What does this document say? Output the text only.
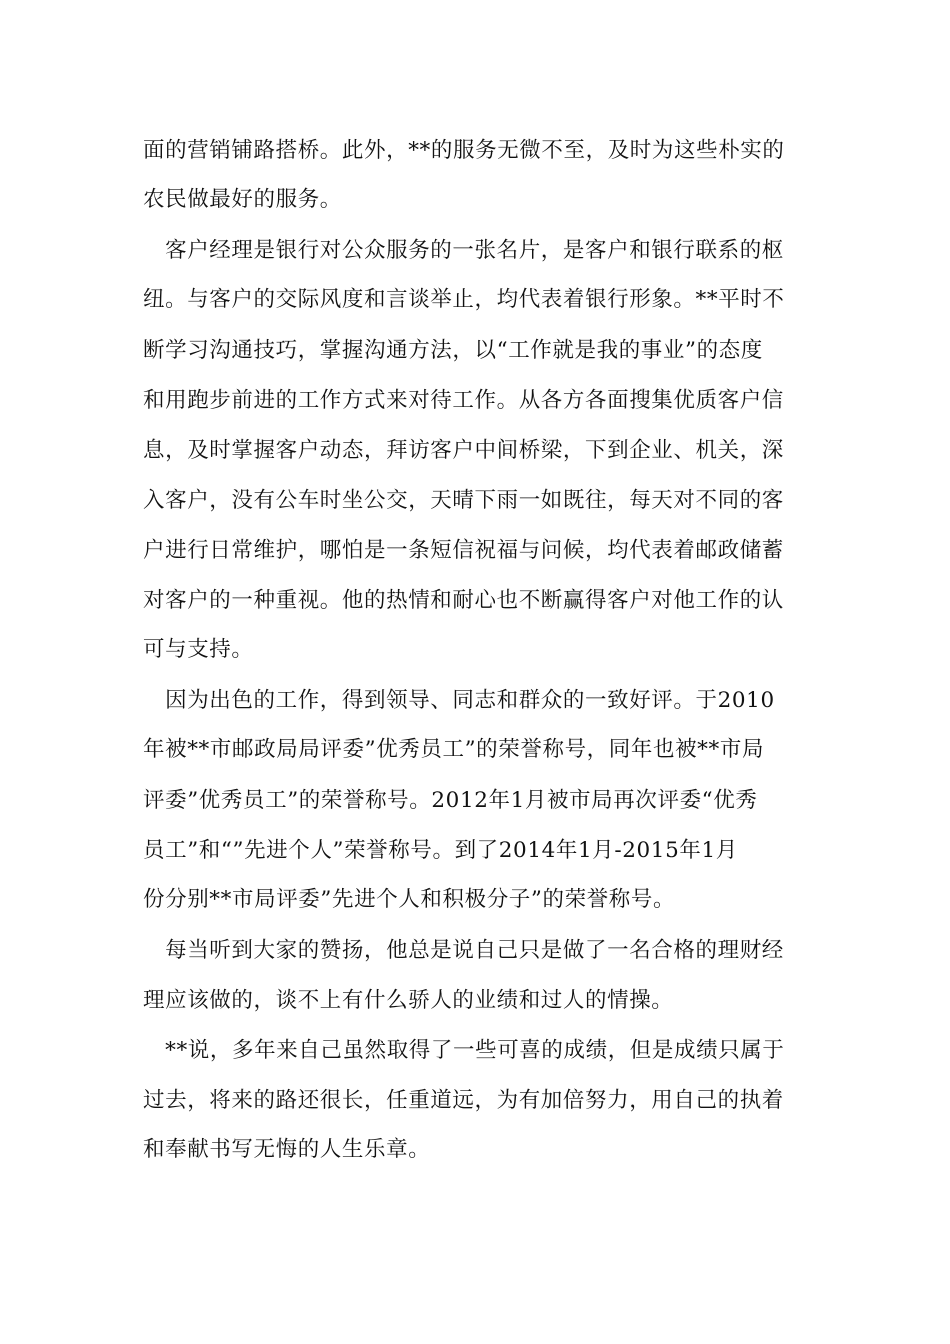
面的营销铺路搭桥。此外，**的服务无微不至，及时为这些朴实的
农民做最好的服务。
　客户经理是银行对公众服务的一张名片，是客户和银行联系的枢
纽。与客户的交际风度和言谈举止，均代表着银行形象。**平时不
断学习沟通技巧，掌握沟通方法，以“工作就是我的事业”的态度
和用跑步前进的工作方式来对待工作。从各方各面搜集优质客户信
息，及时掌握客户动态，拜访客户中间桥梁，下到企业、机关，深
入客户，没有公车时坐公交，天晴下雨一如既往，每天对不同的客
户进行日常维护，哪怕是一条短信祝福与问候，均代表着邮政储蓄
对客户的一种重视。他的热情和耐心也不断赢得客户对他工作的认
可与支持。
　因为出色的工作，得到领导、同志和群众的一致好评。于2010
年被**市邮政局局评委”优秀员工”的荣誉称号，同年也被**市局
评委”优秀员工”的荣誉称号。2012年1月被市局再次评委“优秀
员工”和“”先进个人”荣誉称号。到了2014年1月-2015年1月
份分别**市局评委”先进个人和积极分子”的荣誉称号。
　每当听到大家的赞扬，他总是说自己只是做了一名合格的理财经
理应该做的，谈不上有什么骄人的业绩和过人的情操。
　**说，多年来自己虽然取得了一些可喜的成绩，但是成绩只属于
过去，将来的路还很长，任重道远，为有加倍努力，用自己的执着
和奉献书写无悔的人生乐章。
